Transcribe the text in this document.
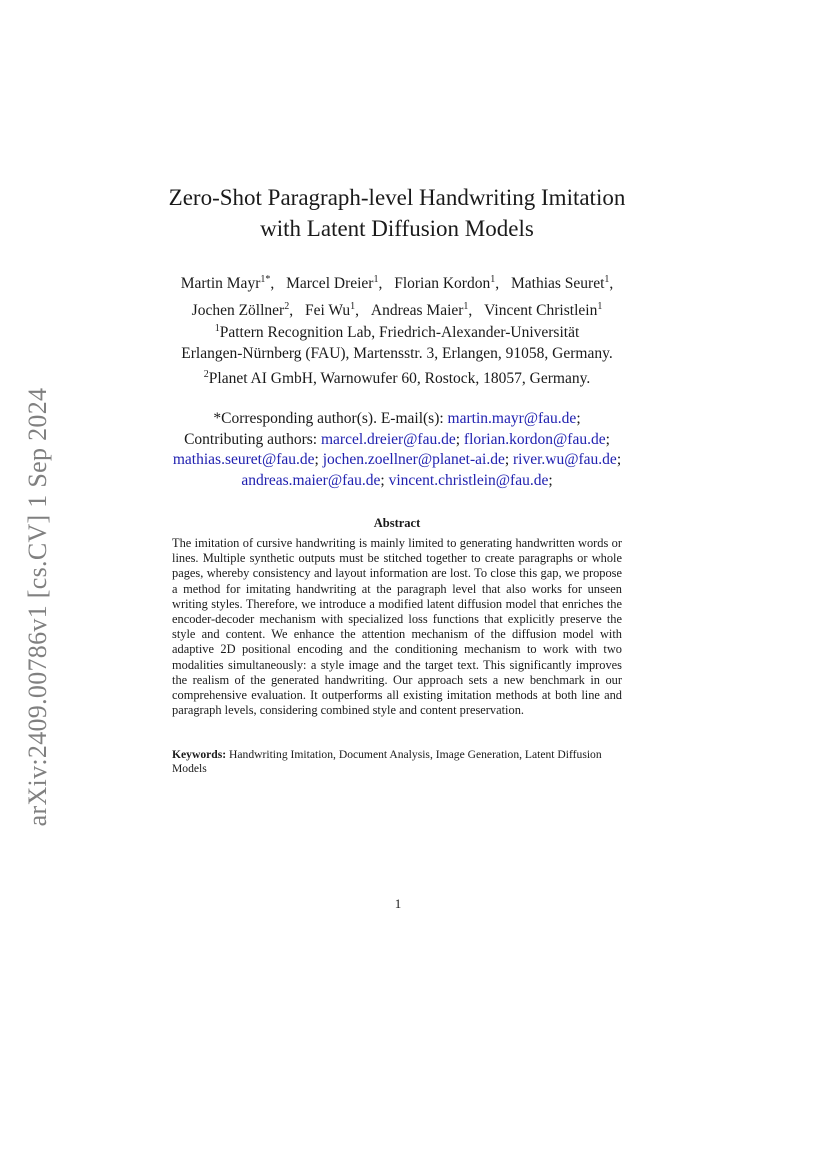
arXiv:2409.00786v1 [cs.CV] 1 Sep 2024
Zero-Shot Paragraph-level Handwriting Imitation
with Latent Diffusion Models
Martin Mayr$^{1*}$, Marcel Dreier$^1$, Florian Kordon$^1$, Mathias Seuret$^1$,
Jochen Zöllner$^2$, Fei Wu$^1$, Andreas Maier$^1$, Vincent Christlein$^1$
$^1$Pattern Recognition Lab, Friedrich-Alexander-Universität
Erlangen-Nürnberg (FAU), Martensstr. 3, Erlangen, 91058, Germany.
$^2$Planet AI GmbH, Warnowufer 60, Rostock, 18057, Germany.
*Corresponding author(s). E-mail(s): martin.mayr@fau.de;
Contributing authors: marcel.dreier@fau.de; florian.kordon@fau.de;
mathias.seuret@fau.de; jochen.zoellner@planet-ai.de; river.wu@fau.de;
andreas.maier@fau.de; vincent.christlein@fau.de;
Abstract
The imitation of cursive handwriting is mainly limited to generating handwritten words or lines. Multiple synthetic outputs must be stitched together to create paragraphs or whole pages, whereby consistency and layout information are lost. To close this gap, we propose a method for imitating handwriting at the paragraph level that also works for unseen writing styles. Therefore, we introduce a modified latent diffusion model that enriches the encoder-decoder mechanism with specialized loss functions that explicitly preserve the style and content. We enhance the attention mechanism of the diffusion model with adaptive 2D positional encoding and the conditioning mechanism to work with two modalities simultaneously: a style image and the target text. This significantly improves the realism of the generated handwriting. Our approach sets a new benchmark in our comprehensive evaluation. It outperforms all existing imitation methods at both line and paragraph levels, considering combined style and content preservation.
Keywords: Handwriting Imitation, Document Analysis, Image Generation, Latent Diffusion Models
1
